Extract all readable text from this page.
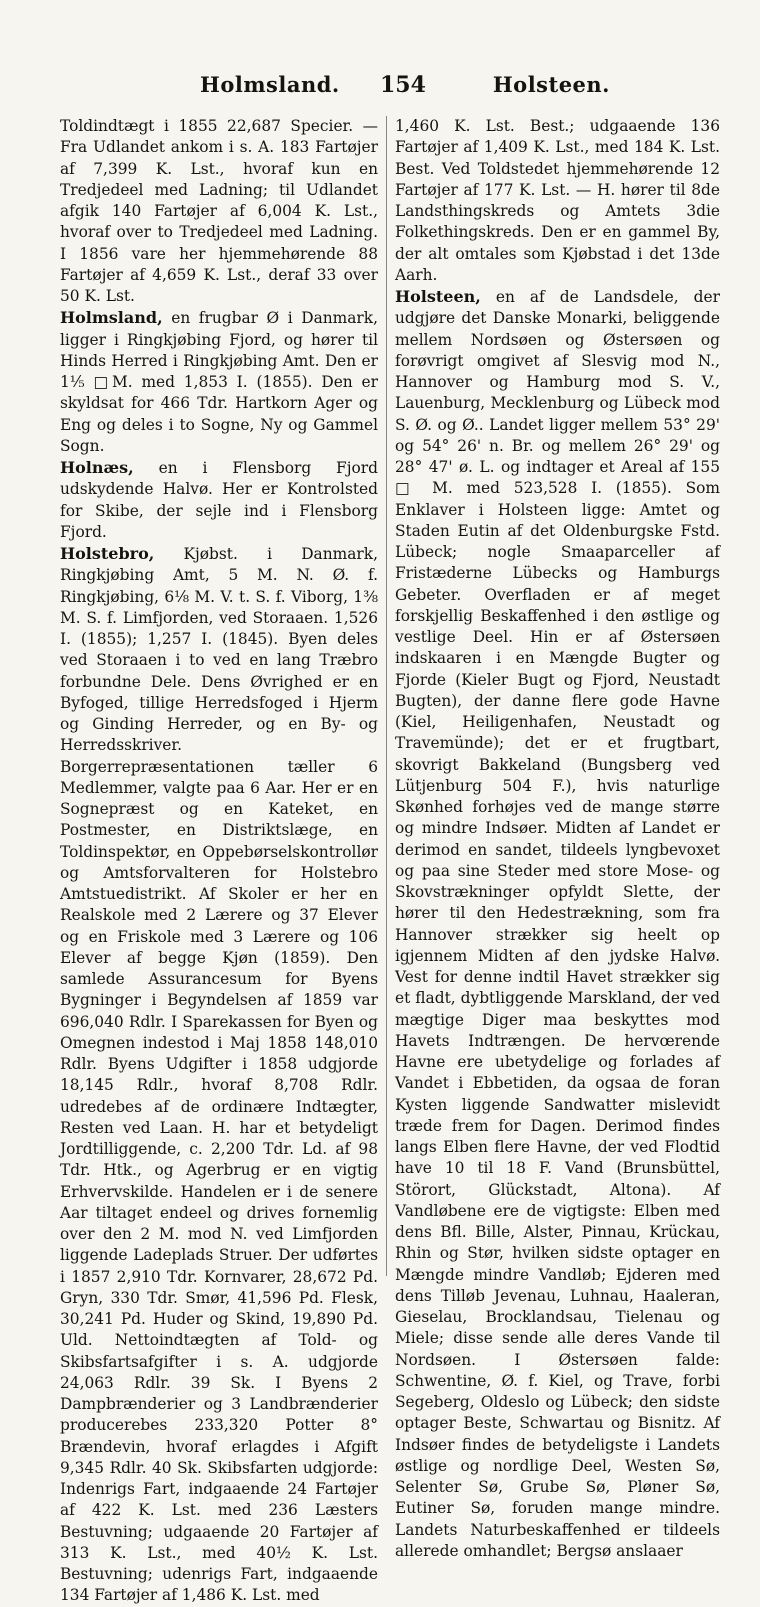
Holmsland. 154	Holsteen.

Toldindtægt i 1855 22,687 Specier. — Fra Udlandet ankom i s. A. 183 Fartøjer af 7,399 K. Lst., hvoraf kun en Tredjedeel med Ladning; til Udlandet afgik 140 Fartøjer af 6,004 K. Lst., hvoraf over to Tredjedeel med Ladning. I 1856 vare her hjemmehørende 88 Fartøjer af 4,659 K. Lst., deraf 33 over 50 K. Lst.

Holmsland, en frugbar Ø i Danmark, ligger i Ringkjøbing Fjord, og hører til Hinds Herred i Ringkjøbing Amt. Den er 1⅕ □M. med 1,853 I. (1855). Den er skyldsat for 466 Tdr. Hartkorn Ager og Eng og deles i to Sogne, Ny og Gammel Sogn.

Holnæs, en i Flensborg Fjord udskydende Halvø. Her er Kontrolsted for Skibe, der sejle ind i Flensborg Fjord.

Holstebro, Kjøbst. i Danmark, Ringkjøbing Amt, 5 M. N. Ø. f. Ringkjøbing, 6⅛ M. V. t. S. f. Viborg, 1⅜ M. S. f. Limfjorden, ved Storaaen. 1,526 I. (1855); 1,257 I. (1845). Byen deles ved Storaaen i to ved en lang Træbro forbundne Dele. Dens Øvrighed er en Byfoged, tillige Herredsfoged i Hjerm og Ginding Herreder, og en By- og Herredsskriver. Borgerrepræsentationen tæller 6 Medlemmer, valgte paa 6 Aar. Her er en Sognepræst og en Kateket, en Postmester, en Distriktslæge, en Toldinspektør, en Oppebørselskontrollør og Amtsforvalteren for Holstebro Amtstuedistrikt. Af Skoler er her en Realskole med 2 Lærere og 37 Elever og en Friskole med 3 Lærere og 106 Elever af begge Kjøn (1859). Den samlede Assurancesum for Byens Bygninger i Begyndelsen af 1859 var 696,040 Rdlr. I Sparekassen for Byen og Omegnen indestod i Maj 1858 148,010 Rdlr. Byens Udgifter i 1858 udgjorde 18,145 Rdlr., hvoraf 8,708 Rdlr. udredebes af de ordinære Indtægter, Resten ved Laan. H. har et betydeligt Jordtilliggende, c. 2,200 Tdr. Ld. af 98 Tdr. Htk., og Agerbrug er en vigtig Erhvervskilde. Handelen er i de senere Aar tiltaget endeel og drives fornemlig over den 2 M. mod N. ved Limfjorden liggende Ladeplads Struer. Der udførtes i 1857 2,910 Tdr. Kornvarer, 28,672 Pd. Gryn, 330 Tdr. Smør, 41,596 Pd. Flesk, 30,241 Pd. Huder og Skind, 19,890 Pd. Uld. Nettoindtægten af Told- og Skibsfartsafgifter i s. A. udgjorde 24,063 Rdlr. 39 Sk. I Byens 2 Dampbrænderier og 3 Landbrænderier producerebes 233,320 Potter 8° Brændevin, hvoraf erlagdes i Afgift 9,345 Rdlr. 40 Sk. Skibsfarten udgjorde: Indenrigs Fart, indgaaende 24 Fartøjer af 422 K. Lst. med 236 Læsters Bestuvning; udgaaende 20 Fartøjer af 313 K. Lst., med 40½ K. Lst. Bestuvning; udenrigs Fart, indgaaende 134 Fartøjer af 1,486 K. Lst. med

1,460 K. Lst. Best.; udgaaende 136 Fartøjer af 1,409 K. Lst., med 184 K. Lst. Best. Ved Toldstedet hjemmehørende 12 Fartøjer af 177 K. Lst. — H. hører til 8de Landsthingskreds og Amtets 3die Folkethingskreds. Den er en gammel By, der alt omtales som Kjøbstad i det 13de Aarh.

Holsteen, en af de Landsdele, der udgjøre det Danske Monarki, beliggende mellem Nordsøen og Østersøen og forøvrigt omgivet af Slesvig mod N., Hannover og Hamburg mod S. V., Lauenburg, Mecklenburg og Lübeck mod S. Ø. og Ø.. Landet ligger mellem 53° 29' og 54° 26' n. Br. og mellem 26° 29' og 28° 47' ø. L. og indtager et Areal af 155 □ M. med 523,528 I. (1855). Som Enklaver i Holsteen ligge: Amtet og Staden Eutin af det Oldenburgske Fstd. Lübeck; nogle Smaaparceller af Fristæderne Lübecks og Hamburgs Gebeter. Overfladen er af meget forskjellig Beskaffenhed i den østlige og vestlige Deel. Hin er af Østersøen indskaaren i en Mængde Bugter og Fjorde (Kieler Bugt og Fjord, Neustadt Bugten), der danne flere gode Havne (Kiel, Heiligenhafen, Neustadt og Travemünde); det er et frugtbart, skovrigt Bakkeland (Bungsberg ved Lütjenburg 504 F.), hvis naturlige Skønhed forhøjes ved de mange større og mindre Indsøer. Midten af Landet er derimod en sandet, tildeels lyngbevoxet og paa sine Steder med store Mose- og Skovstrækninger opfyldt Slette, der hører til den Hedestrækning, som fra Hannover strækker sig heelt op igjennem Midten af den jydske Halvø. Vest for denne indtil Havet strækker sig et fladt, dybtliggende Marskland, der ved mægtige Diger maa beskyttes mod Havets Indtrængen. De hervœrende Havne ere ubetydelige og forlades af Vandet i Ebbetiden, da ogsaa de foran Kysten liggende Sandwatter mislevidt træde frem for Dagen. Derimod findes langs Elben flere Havne, der ved Flodtid have 10 til 18 F. Vand (Brunsbüttel, Störort, Glückstadt, Altona). Af Vandløbene ere de vigtigste: Elben med dens Bfl. Bille, Alster, Pinnau, Krückau, Rhin og Stør, hvilken sidste optager en Mængde mindre Vandløb; Ejderen med dens Tilløb Jevenau, Luhnau, Haaleran, Gieselau, Brocklandsau, Tielenau og Miele; disse sende alle deres Vande til Nordsøen. I Østersøen falde: Schwentine, Ø. f. Kiel, og Trave, forbi Segeberg, Oldeslo og Lübeck; den sidste optager Beste, Schwartau og Bisnitz. Af Indsøer findes de betydeligste i Landets østlige og nordlige Deel, Westen Sø, Selenter Sø, Grube Sø, Pløner Sø, Eutiner Sø, foruden mange mindre. Landets Naturbeskaffenhed er tildeels allerede omhandlet; Bergsø anslaaer
